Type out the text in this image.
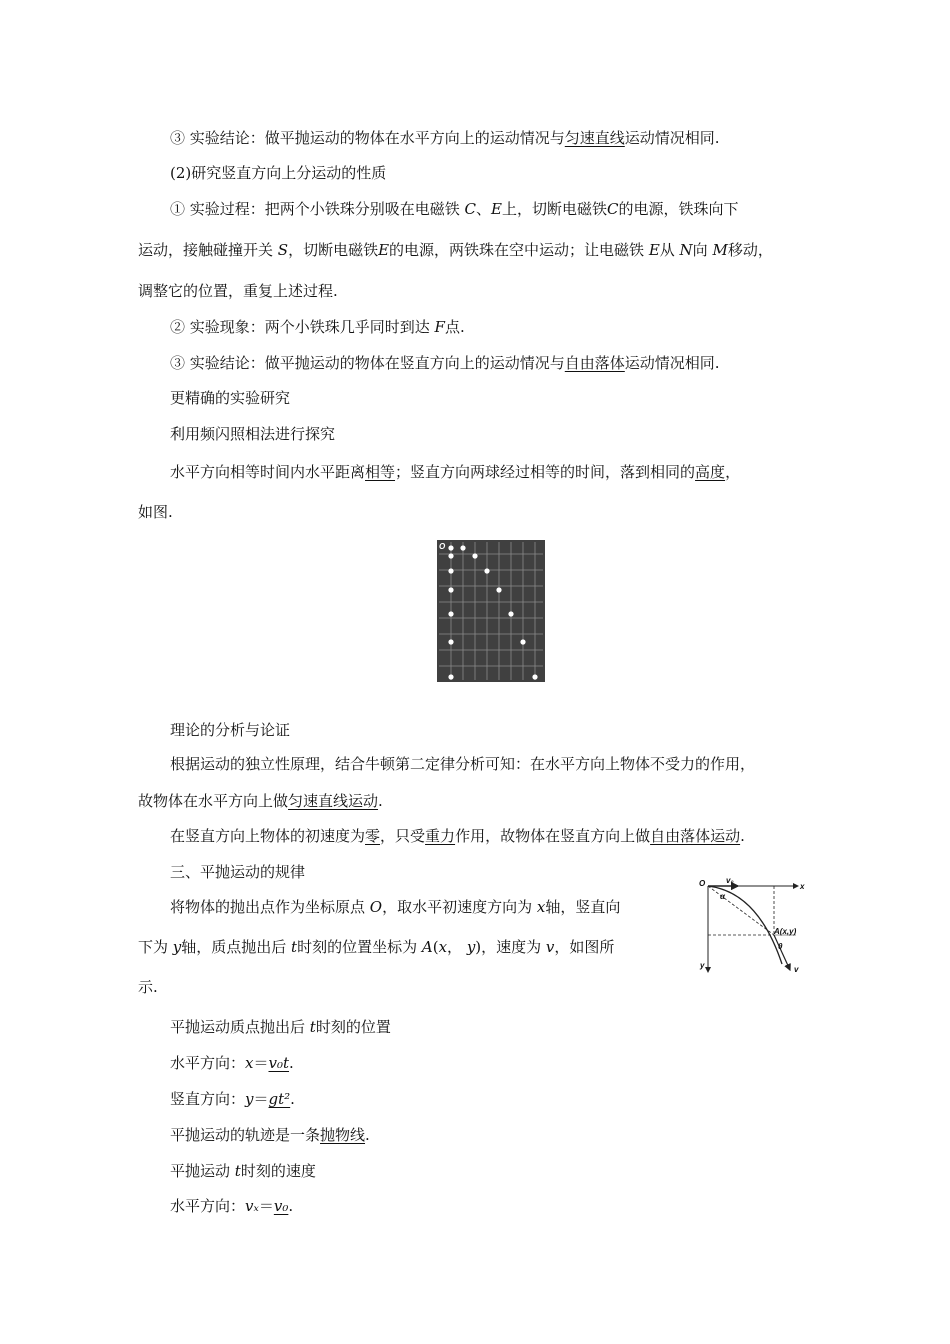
③ 实验结论：做平抛运动的物体在水平方向上的运动情况与匀速直线运动情况相同.
(2)研究竖直方向上分运动的性质
① 实验过程：把两个小铁珠分别吸在电磁铁 C、E上，切断电磁铁C的电源，铁珠向下
运动，接触碰撞开关 S，切断电磁铁E的电源，两铁珠在空中运动；让电磁铁 E从 N向 M移动，
调整它的位置，重复上述过程.
② 实验现象：两个小铁珠几乎同时到达 F点.
③ 实验结论：做平抛运动的物体在竖直方向上的运动情况与自由落体运动情况相同.
更精确的实验研究
利用频闪照相法进行探究
水平方向相等时间内水平距离相等；竖直方向两球经过相等的时间，落到相同的高度，
如图.
O
理论的分析与论证
根据运动的独立性原理，结合牛顿第二定律分析可知：在水平方向上物体不受力的作用，
故物体在水平方向上做匀速直线运动.
在竖直方向上物体的初速度为零，只受重力作用，故物体在竖直方向上做自由落体运动.
三、平抛运动的规律
将物体的抛出点作为坐标原点 O，取水平初速度方向为 x轴，竖直向
下为 y轴，质点抛出后 t时刻的位置坐标为 A(x， y)，速度为 v，如图所
示.
O	v₀
x
y
α
A(x,y)
θ
v
平抛运动质点抛出后 t时刻的位置
水平方向：x＝v₀t.
竖直方向：y＝gt².
平抛运动的轨迹是一条抛物线.
平抛运动 t时刻的速度
水平方向：vₓ＝v₀.
